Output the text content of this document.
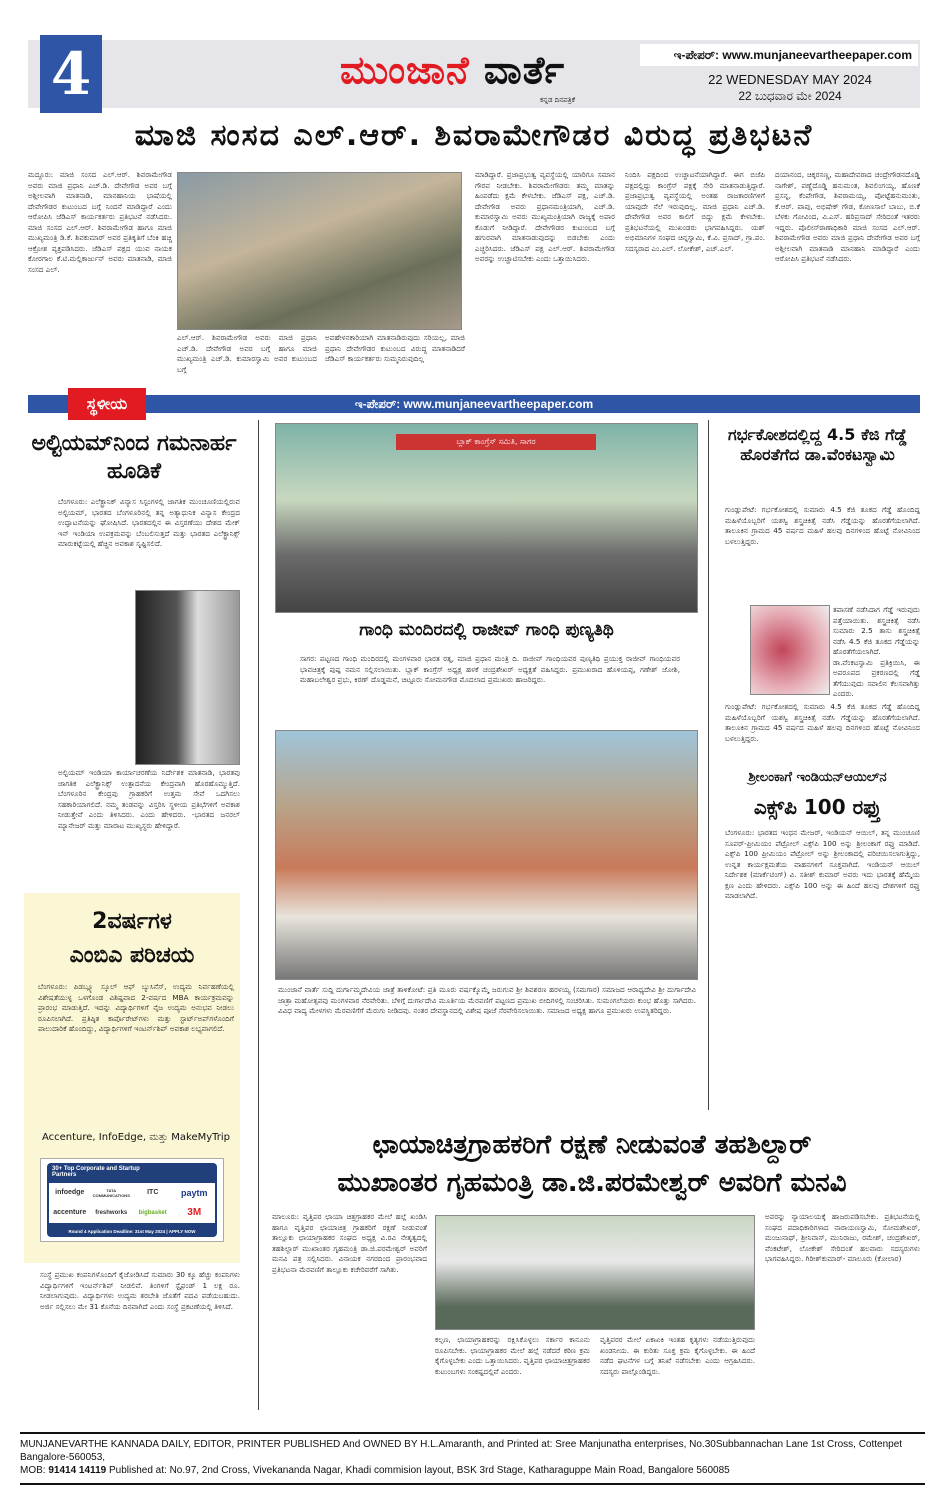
4	ಮುಂಜಾನೆ ವಾರ್ತೆ
ಕನ್ನಡ ದಿನಪತ್ರಿಕೆ
ಇ-ಪೇಪರ್: www.munjaneevartheepaper.com
22 WEDNESDAY MAY 2024
22 ಬುಧವಾರ ಮೇ 2024
ಮಾಜಿ ಸಂಸದ ಎಲ್.ಆರ್. ಶಿವರಾಮೇಗೌಡರ ವಿರುದ್ಧ ಪ್ರತಿಭಟನೆ
ಮದ್ದೂರು: ಮಾಜಿ ಸಂಸದ ಎಲ್.ಆರ್. ಶಿವರಾಮೇಗೌಡ ಅವರು ಮಾಜಿ ಪ್ರಧಾನಿ ಎಚ್.ಡಿ. ದೇವೇಗೌಡ ಅವರ ಬಗ್ಗೆ ಅಶ್ಲೀಲವಾಗಿ ಮಾತನಾಡಿ, ಮಾನಹಾನಿಯ ಭಾಷೆಯಲ್ಲಿ ದೇವೇಗೌಡರ ಕುಟುಂಬದ ಬಗ್ಗೆ ನಿಂದನೆ ಮಾಡಿದ್ದಾರೆ ಎಂದು ಆರೋಪಿಸಿ ಜೆಡಿಎಸ್ ಕಾರ್ಯಕರ್ತರು ಪ್ರತಿಭಟನೆ ನಡೆಸಿದರು. ಮಾಜಿ ಸಂಸದ ಎಲ್.ಆರ್. ಶಿವರಾಮೇಗೌಡ ಹಾಗೂ ಮಾಜಿ ಮುಖ್ಯಮಂತ್ರಿ ಡಿ.ಕೆ. ಶಿವಕುಮಾರ್ ಅವರ ಪ್ರತಿಕೃತಿಗೆ ಬೆಂಕಿ ಹಚ್ಚಿ ಆಕ್ರೋಶ ವ್ಯಕ್ತಪಡಿಸಿದರು. ಜೆಡಿಎಸ್ ಪಕ್ಷದ ಯುವ ನಾಯಕ ಕೋರಗಾಲ ಕೆ.ಟಿ.ಮಲ್ಲಿಕಾರ್ಜುನ್ ಅವರು ಮಾತನಾಡಿ, ಮಾಜಿ ಸಂಸದ ಎಲ್.
ಎಲ್.ಆರ್. ಶಿವರಾಮೇಗೌಡ ಅವರು ಮಾಜಿ ಪ್ರಧಾನಿ ಎಚ್.ಡಿ. ದೇವೇಗೌಡ ಅವರ ಬಗ್ಗೆ ಹಾಗೂ ಮಾಜಿ ಮುಖ್ಯಮಂತ್ರಿ ಎಚ್.ಡಿ. ಕುಮಾರಸ್ವಾಮಿ ಅವರ ಕುಟುಂಬದ ಬಗ್ಗೆ
ಅವಹೇಳನಕಾರಿಯಾಗಿ ಮಾತನಾಡಿರುವುದು ಸರಿಯಲ್ಲ, ಮಾಜಿ ಪ್ರಧಾನಿ ದೇವೇಗೌಡರ ಕುಟುಂಬದ ವಿರುದ್ಧ ಮಾತನಾಡಿದರೆ ಜೆಡಿಎಸ್ ಕಾರ್ಯಕರ್ತರು ಸುಮ್ಮನಿರುವುದಿಲ್ಲ
ಮಾಡಿದ್ದಾರೆ. ಪ್ರಜಾಪ್ರಭುತ್ವ ವ್ಯವಸ್ಥೆಯಲ್ಲಿ ಯಾರಿಗೂ ಸಮಾನ ಗೌರವ ನೀಡಬೇಕು. ಶಿವರಾಮೇಗೌಡರು ತಮ್ಮ ಮಾತನ್ನು ಹಿಂಪಡೆದು ಕ್ಷಮೆ ಕೇಳಬೇಕು. ಜೆಡಿಎಸ್ ಪಕ್ಷ, ಎಚ್.ಡಿ. ದೇವೇಗೌಡ ಅವರು ಪ್ರಧಾನಮಂತ್ರಿಯಾಗಿ, ಎಚ್.ಡಿ. ಕುಮಾರಸ್ವಾಮಿ ಅವರು ಮುಖ್ಯಮಂತ್ರಿಯಾಗಿ ರಾಜ್ಯಕ್ಕೆ ಅಪಾರ ಕೊಡುಗೆ ನೀಡಿದ್ದಾರೆ. ದೇವೇಗೌಡರ ಕುಟುಂಬದ ಬಗ್ಗೆ ಹಗುರವಾಗಿ ಮಾತನಾಡುವುದನ್ನು ಬಿಡಬೇಕು ಎಂದು ಎಚ್ಚರಿಸಿದರು. ಜೆಡಿಎಸ್ ಪಕ್ಷ ಎಲ್.ಆರ್. ಶಿವರಾಮೇಗೌಡ ಅವರನ್ನು ಉಚ್ಚಾಟಿಸಬೇಕು ಎಂದು ಒತ್ತಾಯಿಸಿದರು.
ನಿಂದಿಸಿ ಪಕ್ಷದಿಂದ ಉಚ್ಚಾಟನೆಯಾಗಿದ್ದಾರೆ. ಈಗ ಬಿಜೆಪಿ ಪಕ್ಷದಲ್ಲಿದ್ದು ಕಾಂಗ್ರೆಸ್ ಪಕ್ಷಕ್ಕೆ ಸೇರಿ ಮಾತನಾಡುತ್ತಿದ್ದಾರೆ. ಪ್ರಜಾಪ್ರಭುತ್ವ ವ್ಯವಸ್ಥೆಯಲ್ಲಿ ಅಂತಹ ರಾಜಕಾರಣಿಗಳಿಗೆ ಯಾವುದೇ ನೆಲೆ ಇರುವುದಿಲ್ಲ. ಮಾಜಿ ಪ್ರಧಾನಿ ಎಚ್.ಡಿ. ದೇವೇಗೌಡ ಅವರ ಕಾಲಿಗೆ ಬಿದ್ದು ಕ್ಷಮೆ ಕೇಳಬೇಕು. ಪ್ರತಿಭಟನೆಯಲ್ಲಿ ಮುಖಂಡರು ಭಾಗವಹಿಸಿದ್ದರು. ಯಶ್ ಅಭಿಮಾನಿಗಳ ಸಂಘದ ಚಿನ್ನಸ್ವಾಮಿ, ಕೆ.ವಿ. ಪ್ರಸಾದ್, ಗ್ರಾ.ಪಂ. ಸದಸ್ಯರಾದ ಎಂ.ಎಲ್. ಲೋಕೇಶ್, ಎಚ್.ಎಲ್.
ದಯಾನಂದ, ಚಿಕ್ಕರಸಣ್ಣ, ಮಹಾದೇವರಾದ ಚಂದ್ರೇಗೌಡನದೊಡ್ಡಿ ನಾಗೇಶ್, ಪಣ್ಣೆದೊಡ್ಡಿ ಹನುಮಂತ, ಶಿವಲಿಂಗಯ್ಯ, ಹೊಣಕೆ ಪ್ರಸನ್ನ, ಕೆಂಪೇಗೌಡ, ಶಿವರಾಮಯ್ಯ, ಪೋಟ್ಟೆಹನುಮಂತು, ಕೆ.ಆರ್. ಪಾಪು, ಅಭಿಷೇಕ್ ಗೌಡ, ಕೋಣಸಾಲೆ ಬಾಬು, ಬಿ.ಕೆ ಬೆಳಕು ಗೋವಿಂದ, ವಿ.ಎಸ್. ಹರಿಪ್ರಸಾದ್ ಸೇರಿದಂತೆ ಇತರರು ಇದ್ದರು. ಪೊಲೀಸ್‌ಠಾಣಾಧಿಕಾರಿ ಮಾಜಿ ಸಂಸದ ಎಲ್.ಆರ್. ಶಿವರಾಮೇಗೌಡ ಅವರು ಮಾಜಿ ಪ್ರಧಾನಿ ದೇವೇಗೌಡ ಅವರ ಬಗ್ಗೆ ಅಶ್ಲೀಲವಾಗಿ ಮಾತನಾಡಿ ಮಾನಹಾನಿ ಮಾಡಿದ್ದಾರೆ ಎಂದು ಆರೋಪಿಸಿ ಪ್ರತಿಭಟನೆ ನಡೆಸಿದರು.
ಇ-ಪೇಪರ್: www.munjaneevartheepaper.com
ಸ್ಥಳೀಯ
ಅಲ್ಟಿಯಮ್‌ನಿಂದ ಗಮನಾರ್ಹ ಹೂಡಿಕೆ
ಬೆಂಗಳೂರು: ಎಲೆಕ್ಟ್ರಾನಿಕ್ ವಿನ್ಯಾಸ ಸಿಸ್ಟಂಗಳಲ್ಲಿ ಜಾಗತಿಕ ಮುಂಚೂಣಿಯಲ್ಲಿರುವ ಅಲ್ಟಿಯಮ್, ಭಾರತದ ಬೆಂಗಳೂರಿನಲ್ಲಿ ತನ್ನ ಅತ್ಯಾಧುನಿಕ ವಿನ್ಯಾಸ ಕೇಂದ್ರದ ಉದ್ಘಾಟನೆಯನ್ನು ಘೋಷಿಸಿದೆ. ಭಾರತದಲ್ಲಿನ ಈ ವಿಸ್ತರಣೆಯು ದೇಶದ ಮೇಕ್ ಇನ್ ಇಂಡಿಯಾ ಉಪಕ್ರಮವನ್ನು ಬೆಂಬಲಿಸುತ್ತದೆ ಮತ್ತು ಭಾರತದ ಎಲೆಕ್ಟ್ರಾನಿಕ್ಸ್ ಮಾರುಕಟ್ಟೆಯಲ್ಲಿ ಹೆಚ್ಚಿನ ಅವಕಾಶ ಸೃಷ್ಟಿಸಲಿದೆ.
ಅಲ್ಟಿಯಮ್ ಇಂಡಿಯಾ ಕಾರ್ಯಾಚರಣೆಯ ನಿರ್ದೇಶಕ ಮಾತನಾಡಿ, ಭಾರತವು ಜಾಗತಿಕ ಎಲೆಕ್ಟ್ರಾನಿಕ್ಸ್ ಉತ್ಪಾದನೆಯ ಕೇಂದ್ರವಾಗಿ ಹೊರಹೊಮ್ಮುತ್ತಿದೆ. ಬೆಂಗಳೂರಿನ ಕೇಂದ್ರವು ಗ್ರಾಹಕರಿಗೆ ಉತ್ತಮ ಸೇವೆ ಒದಗಿಸಲು ಸಹಕಾರಿಯಾಗಲಿದೆ. ನಮ್ಮ ತಂಡವನ್ನು ವಿಸ್ತರಿಸಿ ಸ್ಥಳೀಯ ಪ್ರತಿಭೆಗಳಿಗೆ ಅವಕಾಶ ನೀಡುತ್ತೇವೆ ಎಂದು ತಿಳಿಸಿದರು. ಎಂದು ಹೇಳಿದರು. -ಭಾರತದ ಜನರಲ್ ಮ್ಯಾನೇಜರ್ ಮತ್ತು ಮಾರಾಟ ಮುಖ್ಯಸ್ಥರು ಹೇಳಿದ್ದಾರೆ.
2ವರ್ಷಗಳ
ಎಂಬಿಎ ಪರಿಚಯ
ಬೆಂಗಳೂರು: ಪಿಡಬ್ಲ್ಯೂ ಸ್ಕೂಲ್ ಆಫ್ ಬ್ಯುಸಿನೆಸ್, ಉದ್ಯಮ ನಿರ್ವಹಣೆಯಲ್ಲಿ ವಿಶೇಷತೆಯುಳ್ಳ ಒಳಗೊಂಡ ವಿಶಿಷ್ಟವಾದ 2-ವರ್ಷದ MBA ಕಾರ್ಯಕ್ರಮವನ್ನು ಪ್ರಾರಂಭ ಮಾಡುತ್ತಿದೆ. ಇದನ್ನು ವಿದ್ಯಾರ್ಥಿಗಳಿಗೆ ನೈಜ ಉದ್ಯಮ ಅನುಭವ ನೀಡಲು ರೂಪಿಸಲಾಗಿದೆ. ಪ್ರತಿಷ್ಠಿತ ಕಾರ್ಪೊರೇಟ್‌ಗಳು ಮತ್ತು ಸ್ಟಾರ್ಟ್‌ಅಪ್‌ಗಳೊಂದಿಗೆ ಪಾಲುದಾರಿಕೆ ಹೊಂದಿದ್ದು, ವಿದ್ಯಾರ್ಥಿಗಳಿಗೆ ಇಂಟರ್ನ್‌ಶಿಪ್ ಅವಕಾಶ ಲಭ್ಯವಾಗಲಿದೆ.
Accenture, InfoEdge, ಮತ್ತು MakeMyTrip
30+ Top Corporate and Startup Partners
infoedge	TATA COMMUNICATIONS	ITC	paytm
accenture	freshworks	bigbasket	3M
Round 4 Application Deadline: 31st May 2024 | APPLY NOW
ಸಂಸ್ಥೆ ಪ್ರಮುಖ ಕಂಪನಿಗಳೊಂದಿಗೆ ಕೈಜೋಡಿಸಿದೆ ಸುಮಾರು 30 ಕ್ಕೂ ಹೆಚ್ಚು ಕಂಪನಿಗಳು ವಿದ್ಯಾರ್ಥಿಗಳಿಗೆ ಇಂಟರ್ನ್‌ಶಿಪ್ ನೀಡಲಿವೆ. ತಿಂಗಳಿಗೆ ಸ್ಟೈಫಂಡ್ 1 ಲಕ್ಷ ರೂ. ನೀಡಲಾಗುವುದು. ವಿದ್ಯಾರ್ಥಿಗಳು ಉದ್ಯಮ ತರಬೇತಿ ಜೊತೆಗೆ ಪದವಿ ಪಡೆಯಬಹುದು. ಅರ್ಜಿ ಸಲ್ಲಿಸಲು ಮೇ 31 ಕೊನೆಯ ದಿನವಾಗಿದೆ ಎಂದು ಸಂಸ್ಥೆ ಪ್ರಕಟಣೆಯಲ್ಲಿ ತಿಳಿಸಿದೆ.
ಬ್ಲಾಕ್ ಕಾಂಗ್ರೆಸ್ ಸಮಿತಿ, ಸಾಗರ
ಗಾಂಧಿ ಮಂದಿರದಲ್ಲಿ ರಾಜೀವ್ ಗಾಂಧಿ ಪುಣ್ಯತಿಥಿ
ಸಾಗರ: ಪಟ್ಟಣದ ಗಾಂಧಿ ಮಂದಿರದಲ್ಲಿ ಮಂಗಳವಾರ ಭಾರತ ರತ್ನ, ಮಾಜಿ ಪ್ರಧಾನ ಮಂತ್ರಿ ದಿ. ರಾಜೀವ್ ಗಾಂಧಿಯವರ ಪುಣ್ಯತಿಥಿ ಪ್ರಯುಕ್ತ ರಾಜೀವ್ ಗಾಂಧಿಯವರ ಭಾವಚಿತ್ರಕ್ಕೆ ಪುಷ್ಪ ನಮನ ಸಲ್ಲಿಸಲಾಯಿತು. ಬ್ಲಾಕ್ ಕಾಂಗ್ರೆಸ್ ಅಧ್ಯಕ್ಷ ಹಳಕೆ ಚಂದ್ರಶೇಖರ್ ಅಧ್ಯಕ್ಷತೆ ವಹಿಸಿದ್ದರು. ಪ್ರಮುಖರಾದ ಹೊಳಿಯಪ್ಪ, ಗಣೇಶ್ ಜೋಶಿ, ಮಹಾಬಲೇಶ್ವರ ಪ್ರಭು, ಕಿರಣ್ ದೊಡ್ಡಮನೆ, ಚಿಟ್ಟೂರು ಸೋಮನಗೌಡ ಮೊದಲಾದ ಪ್ರಮುಖರು ಹಾಜರಿದ್ದರು.
ಮುಂಜಾನೆ ವಾರ್ತೆ ಸುದ್ದಿ ದುರ್ಗಾಮ್ಮದೇವಿಯ ಜಾತ್ರೆ ತಾಳಿಕೋಟೆ: ಪ್ರತಿ ಮೂರು ವರ್ಷಕ್ಕೊಮ್ಮೆ ಜರುಗುವ ಶ್ರೀ ಶಿವಶರಣ ಹರಳಯ್ಯ (ಸಮಗಾರ) ಸಮಾಜದ ಆರಾಧ್ಯದೇವಿ ಶ್ರೀ ದುರ್ಗಾದೇವಿ ಜಾತ್ರಾ ಮಹೋತ್ಸವವು ಮಂಗಳವಾರ ನೆರವೇರಿತು. ಬೆಳಿಗ್ಗೆ ದುರ್ಗಾದೇವಿ ಮೂರ್ತಿಯ ಮೆರವಣಿಗೆ ಪಟ್ಟಣದ ಪ್ರಮುಖ ಬೀದಿಗಳಲ್ಲಿ ಸಂಚರಿಸಿತು. ಸುಮಂಗಲೆಯರು ಕುಂಭ ಹೊತ್ತು ಸಾಗಿದರು. ವಿವಿಧ ವಾದ್ಯ ಮೇಳಗಳು ಮೆರವಣಿಗೆಗೆ ಮೆರುಗು ನೀಡಿದವು. ನಂತರ ದೇವಸ್ಥಾನದಲ್ಲಿ ವಿಶೇಷ ಪೂಜೆ ನೆರವೇರಿಸಲಾಯಿತು. ಸಮಾಜದ ಅಧ್ಯಕ್ಷ ಹಾಗೂ ಪ್ರಮುಖರು ಉಪಸ್ಥಿತರಿದ್ದರು.
ಗರ್ಭಕೋಶದಲ್ಲಿದ್ದ 4.5 ಕೆಜಿ ಗೆಡ್ಡೆ ಹೊರತೆಗೆದ ಡಾ.ವೆಂಕಟಸ್ವಾಮಿ
ಗುಂಡ್ಲುಪೇಟೆ: ಗರ್ಭಕೋಶದಲ್ಲಿ ಸುಮಾರು 4.5 ಕೆಜಿ ತೂಕದ ಗೆಡ್ಡೆ ಹೊಂದಿದ್ದ ಮಹಿಳೆಯೊಬ್ಬರಿಗೆ ಯಶಸ್ವಿ ಶಸ್ತ್ರಚಿಕಿತ್ಸೆ ನಡೆಸಿ ಗೆಡ್ಡೆಯನ್ನು ಹೊರತೆಗೆಯಲಾಗಿದೆ. ತಾಲೂಕಿನ ಗ್ರಾಮದ 45 ವರ್ಷದ ಮಹಿಳೆ ಹಲವು ದಿನಗಳಿಂದ ಹೊಟ್ಟೆ ನೋವಿನಿಂದ ಬಳಲುತ್ತಿದ್ದರು.
ತಪಾಸಣೆ ನಡೆಸಿದಾಗ ಗೆಡ್ಡೆ ಇರುವುದು ಪತ್ತೆಯಾಯಿತು. ಶಸ್ತ್ರಚಿಕಿತ್ಸೆ ನಡೆಸಿ ಸುಮಾರು 2.5 ತಾಸು ಶಸ್ತ್ರಚಿಕಿತ್ಸೆ ನಡೆಸಿ 4.5 ಕೆಜಿ ತೂಕದ ಗೆಡ್ಡೆಯನ್ನು ಹೊರತೆಗೆಯಲಾಗಿದೆ. ಡಾ.ವೆಂಕಟಸ್ವಾಮಿ ಪ್ರತಿಕ್ರಿಯಿಸಿ, ಈ ಅಪರೂಪದ ಪ್ರಕರಣದಲ್ಲಿ ಗೆಡ್ಡೆ ತೆಗೆಯುವುದು ಸವಾಲಿನ ಕೆಲಸವಾಗಿತ್ತು ಎಂದರು.
ಗುಂಡ್ಲುಪೇಟೆ: ಗರ್ಭಕೋಶದಲ್ಲಿ ಸುಮಾರು 4.5 ಕೆಜಿ ತೂಕದ ಗೆಡ್ಡೆ ಹೊಂದಿದ್ದ ಮಹಿಳೆಯೊಬ್ಬರಿಗೆ ಯಶಸ್ವಿ ಶಸ್ತ್ರಚಿಕಿತ್ಸೆ ನಡೆಸಿ ಗೆಡ್ಡೆಯನ್ನು ಹೊರತೆಗೆಯಲಾಗಿದೆ. ತಾಲೂಕಿನ ಗ್ರಾಮದ 45 ವರ್ಷದ ಮಹಿಳೆ ಹಲವು ದಿನಗಳಿಂದ ಹೊಟ್ಟೆ ನೋವಿನಿಂದ ಬಳಲುತ್ತಿದ್ದರು.
ಶ್ರೀಲಂಕಾಗೆ ಇಂಡಿಯನ್‌ಆಯಿಲ್‌ನ
ಎಕ್ಸ್‌ಪಿ 100 ರಫ್ತು
ಬೆಂಗಳೂರು: ಭಾರತದ ಇಂಧನ ಮೇಜರ್, ಇಂಡಿಯನ್ ಆಯಿಲ್, ತನ್ನ ಮುಂಚೂಣಿ ಸೂಪರ್-ಪ್ರೀಮಿಯಂ ಪೆಟ್ರೋಲ್ ಎಕ್ಸ್‌ಪಿ 100 ಅನ್ನು ಶ್ರೀಲಂಕಾಗೆ ರಫ್ತು ಮಾಡಿದೆ. ಎಕ್ಸ್‌ಪಿ 100 ಪ್ರೀಮಿಯಂ ಪೆಟ್ರೋಲ್ ಅನ್ನು ಶ್ರೀಲಂಕಾದಲ್ಲಿ ಪರಿಚಯಿಸಲಾಗುತ್ತಿದ್ದು, ಉನ್ನತ ಕಾರ್ಯಕ್ಷಮತೆಯ ವಾಹನಗಳಿಗೆ ಸೂಕ್ತವಾಗಿದೆ. ಇಂಡಿಯನ್ ಆಯಿಲ್ ನಿರ್ದೇಶಕ (ಮಾರ್ಕೆಟಿಂಗ್) ವಿ. ಸತೀಶ್ ಕುಮಾರ್ ಅವರು ಇದು ಭಾರತಕ್ಕೆ ಹೆಮ್ಮೆಯ ಕ್ಷಣ ಎಂದು ಹೇಳಿದರು. ಎಕ್ಸ್‌ಪಿ 100 ಅನ್ನು ಈ ಹಿಂದೆ ಹಲವು ದೇಶಗಳಿಗೆ ರಫ್ತು ಮಾಡಲಾಗಿದೆ.
ಛಾಯಾಚಿತ್ರಗ್ರಾಹಕರಿಗೆ ರಕ್ಷಣೆ ನೀಡುವಂತೆ ತಹಶಿಲ್ದಾರ್
ಮುಖಾಂತರ ಗೃಹಮಂತ್ರಿ ಡಾ.ಜಿ.ಪರಮೇಶ್ವರ್ ಅವರಿಗೆ ಮನವಿ
ಮಾಲೂರು: ವೃತ್ತಿಪರ ಛಾಯಾ ಚಿತ್ರಗ್ರಾಹಕರ ಮೇಲೆ ಹಲ್ಲೆ ಖಂಡಿಸಿ ಹಾಗೂ ವೃತ್ತಿಪರ ಛಾಯಾಚಿತ್ರ ಗ್ರಾಹಕರಿಗೆ ರಕ್ಷಣೆ ನೀಡುವಂತೆ ತಾಲ್ಲೂಕು ಛಾಯಾಗ್ರಾಹಕರ ಸಂಘದ ಅಧ್ಯಕ್ಷ ವಿ.ರವಿ ನೇತೃತ್ವದಲ್ಲಿ ತಹಶಿಲ್ದಾರ್ ಮುಖಾಂತರ ಗೃಹಮಂತ್ರಿ ಡಾ.ಜಿ.ಪರಮೇಶ್ವರ್ ಅವರಿಗೆ ಮನವಿ ಪತ್ರ ಸಲ್ಲಿಸಿದರು. ವಿನಾಯಕ ನಗರದಿಂದ ಪ್ರಾರಂಭವಾದ ಪ್ರತಿಭಟನಾ ಮೆರವಣಿಗೆ ತಾಲ್ಲೂಕು ಕಚೇರಿವರೆಗೆ ಸಾಗಿತು.
ಕಲ್ಪಣ, ಛಾಯಾಗ್ರಾಹಕರನ್ನು ರಕ್ಷಿಸಿಕೊಳ್ಳಲು ಸರ್ಕಾರ ಕಾನೂನು ರೂಪಿಸಬೇಕು. ಛಾಯಾಗ್ರಾಹಕರ ಮೇಲೆ ಹಲ್ಲೆ ನಡೆದರೆ ಕಠಿಣ ಕ್ರಮ ಕೈಗೊಳ್ಳಬೇಕು ಎಂದು ಒತ್ತಾಯಿಸಿದರು. ವೃತ್ತಿಪರ ಛಾಯಾಚಿತ್ರಗ್ರಾಹಕರ ಕುಟುಂಬಗಳು ಸಂಕಷ್ಟದಲ್ಲಿವೆ ಎಂದರು.
ವೃತ್ತಿಪರರ ಮೇಲೆ ಏಕಾಏಕಿ ಇಂತಹ ಕೃತ್ಯಗಳು ನಡೆಯುತ್ತಿರುವುದು ಖಂಡನೀಯ. ಈ ಕುರಿತು ಸೂಕ್ತ ಕ್ರಮ ಕೈಗೊಳ್ಳಬೇಕು. ಈ ಹಿಂದೆ ನಡೆದ ಘಟನೆಗಳ ಬಗ್ಗೆ ತನಿಖೆ ನಡೆಸಬೇಕು ಎಂದು ಆಗ್ರಹಿಸಿದರು. ಸದಸ್ಯರು ಪಾಲ್ಗೊಂಡಿದ್ದರು.
ಅವರನ್ನು ನ್ಯಾಯಾಲಯಕ್ಕೆ ಹಾಜರುಪಡಿಸಬೇಕು. ಪ್ರತಿಭಟನೆಯಲ್ಲಿ ಸಂಘದ ಪದಾಧಿಕಾರಿಗಳಾದ ನಾರಾಯಣಸ್ವಾಮಿ, ಸೋಮಶೇಖರ್, ಮಂಜುನಾಥ್, ಶ್ರೀನಿವಾಸ್, ಮುನಿರಾಜು, ರಮೇಶ್, ಚಂದ್ರಶೇಖರ್, ವೆಂಕಟೇಶ್, ಲೋಕೇಶ್ ಸೇರಿದಂತೆ ಹಲವಾರು ಸದಸ್ಯರುಗಳು ಭಾಗವಹಿಸಿದ್ದರು. ಗಿರೀಶ್‌ಕುಮಾರ್- ಮಾಲೂರು (ಕೋಲಾರ)
MUNJANEVARTHE KANNADA DAILY, EDITOR, PRINTER PUBLISHED And OWNED BY H.L.Amaranth, and Printed at: Sree Manjunatha enterprises, No.30Subbannachan Lane 1st Cross, Cottenpet Bangalore-560053,
MOB: 91414 14119 Published at: No.97, 2nd Cross, Vivekananda Nagar, Khadi commision layout, BSK 3rd Stage, Katharaguppe Main Road, Bangalore 560085
